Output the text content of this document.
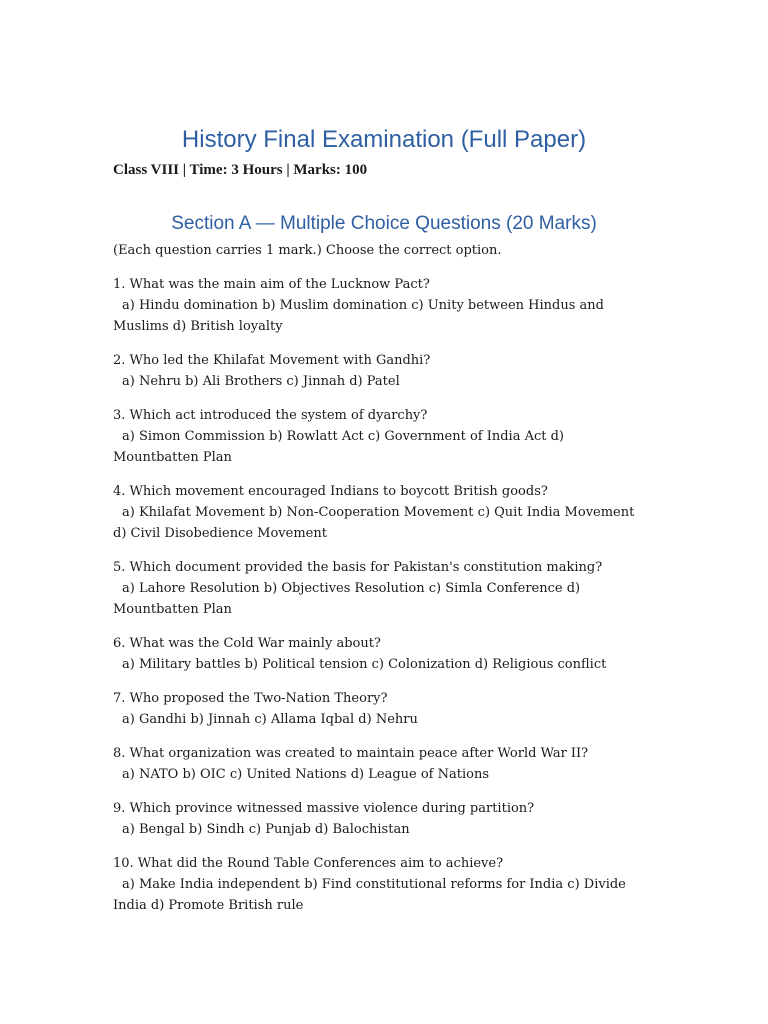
History Final Examination (Full Paper)
Class VIII | Time: 3 Hours | Marks: 100
Section A — Multiple Choice Questions (20 Marks)
(Each question carries 1 mark.) Choose the correct option.

1. What was the main aim of the Lucknow Pact?

a) Hindu domination b) Muslim domination c) Unity between Hindus and Muslims d) British loyalty

2. Who led the Khilafat Movement with Gandhi?

a) Nehru b) Ali Brothers c) Jinnah d) Patel

3. Which act introduced the system of dyarchy?

a) Simon Commission b) Rowlatt Act c) Government of India Act d) Mountbatten Plan

4. Which movement encouraged Indians to boycott British goods?

a) Khilafat Movement b) Non-Cooperation Movement c) Quit India Movement d) Civil Disobedience Movement

5. Which document provided the basis for Pakistan's constitution making?

a) Lahore Resolution b) Objectives Resolution c) Simla Conference d) Mountbatten Plan

6. What was the Cold War mainly about?

a) Military battles b) Political tension c) Colonization d) Religious conflict

7. Who proposed the Two-Nation Theory?

a) Gandhi b) Jinnah c) Allama Iqbal d) Nehru

8. What organization was created to maintain peace after World War II?

a) NATO b) OIC c) United Nations d) League of Nations

9. Which province witnessed massive violence during partition?

a) Bengal b) Sindh c) Punjab d) Balochistan

10. What did the Round Table Conferences aim to achieve?

a) Make India independent b) Find constitutional reforms for India c) Divide India d) Promote British rule
